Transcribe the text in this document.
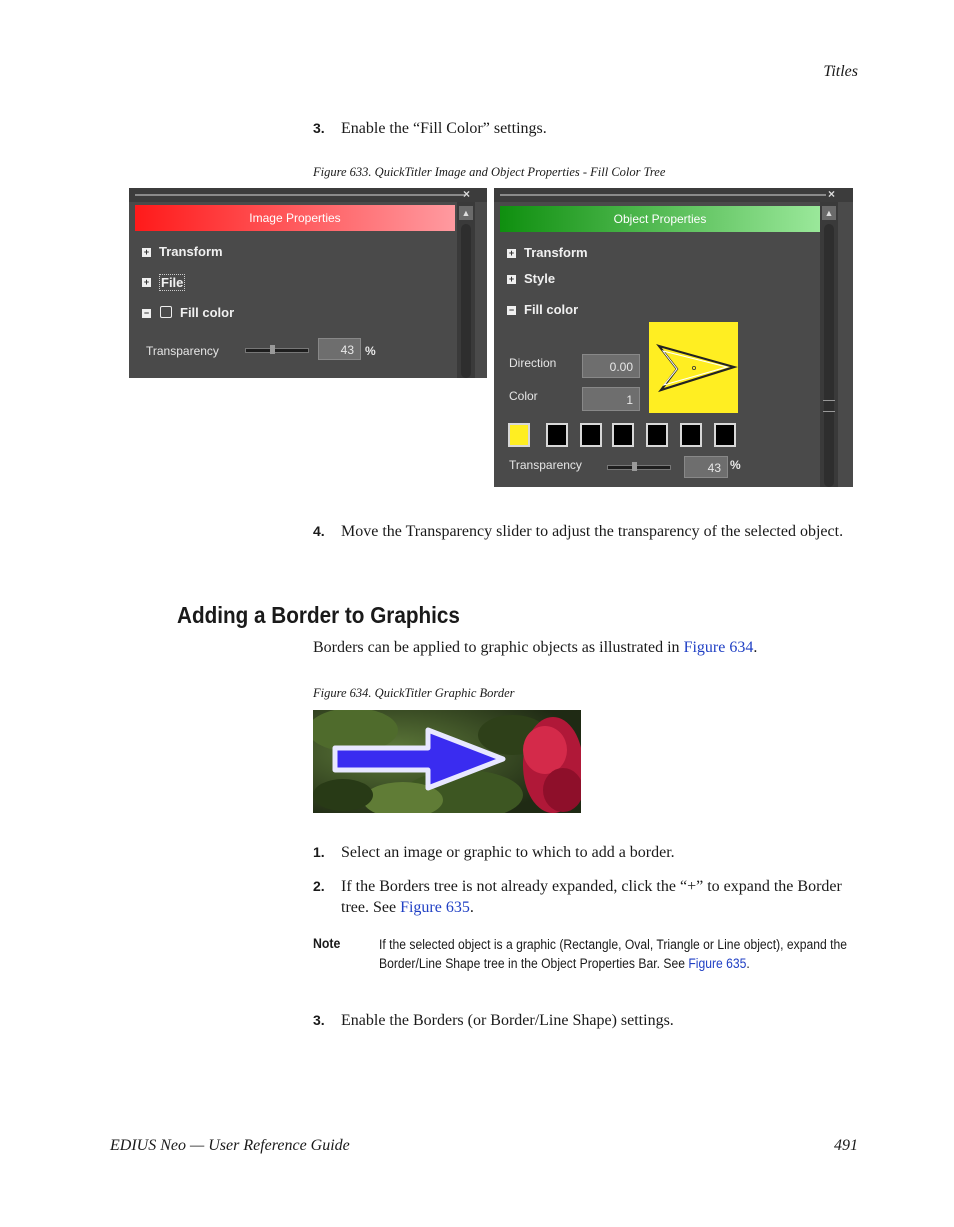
Titles
3. Enable the “Fill Color” settings.
Figure 633. QuickTitler Image and Object Properties - Fill Color Tree
×
Image Properties	▲
+ Transform
+ File
− Fill color
Transparency	43 %
×
Object Properties	▲
+ Transform
+ Style
− Fill color
Direction	0.00
Color	1
Transparency	43 %
4. Move the Transparency slider to adjust the transparency of the selected object.
Adding a Border to Graphics
Borders can be applied to graphic objects as illustrated in Figure 634.
Figure 634. QuickTitler Graphic Border
1. Select an image or graphic to which to add a border.
2. If the Borders tree is not already expanded, click the “+” to expand the Border tree. See Figure 635.
Note	If the selected object is a graphic (Rectangle, Oval, Triangle or Line object), expand the Border/Line Shape tree in the Object Properties Bar. See Figure 635.
3. Enable the Borders (or Border/Line Shape) settings.
EDIUS Neo — User Reference Guide	491
